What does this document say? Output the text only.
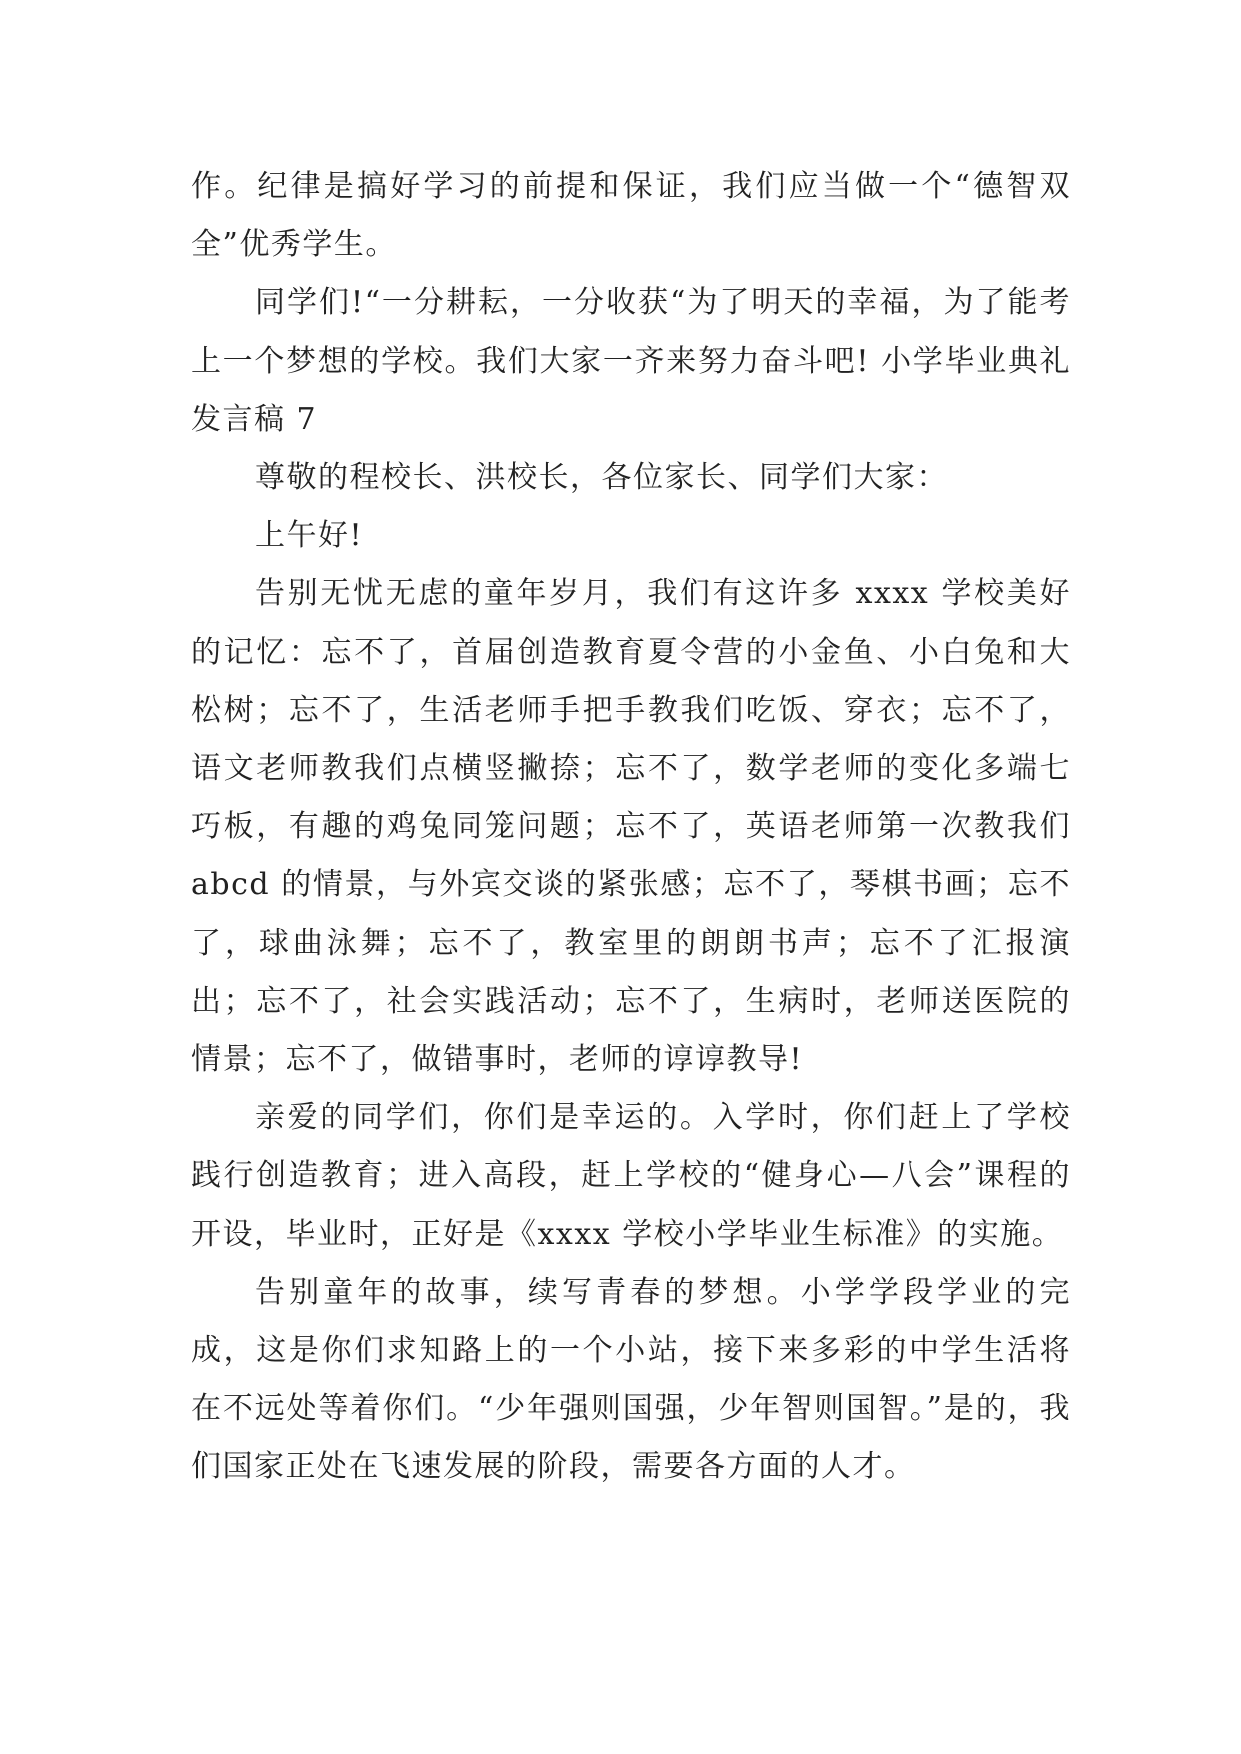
作。纪律是搞好学习的前提和保证，我们应当做一个“德智双全”优秀学生。

同学们!“一分耕耘，一分收获“为了明天的幸福，为了能考上一个梦想的学校。我们大家一齐来努力奋斗吧! 小学毕业典礼发言稿 7

尊敬的程校长、洪校长，各位家长、同学们大家：

上午好!

告别无忧无虑的童年岁月，我们有这许多 xxxx 学校美好的记忆：忘不了，首届创造教育夏令营的小金鱼、小白兔和大松树；忘不了，生活老师手把手教我们吃饭、穿衣；忘不了，语文老师教我们点横竖撇捺；忘不了，数学老师的变化多端七巧板，有趣的鸡兔同笼问题；忘不了，英语老师第一次教我们 abcd 的情景，与外宾交谈的紧张感；忘不了，琴棋书画；忘不了，球曲泳舞；忘不了，教室里的朗朗书声；忘不了汇报演出；忘不了，社会实践活动；忘不了，生病时，老师送医院的情景；忘不了，做错事时，老师的谆谆教导!

亲爱的同学们，你们是幸运的。入学时，你们赶上了学校践行创造教育；进入高段，赶上学校的“健身心—八会”课程的开设，毕业时，正好是《xxxx 学校小学毕业生标准》的实施。

告别童年的故事，续写青春的梦想。小学学段学业的完成，这是你们求知路上的一个小站，接下来多彩的中学生活将在不远处等着你们。“少年强则国强，少年智则国智。”是的，我们国家正处在飞速发展的阶段，需要各方面的人才。
